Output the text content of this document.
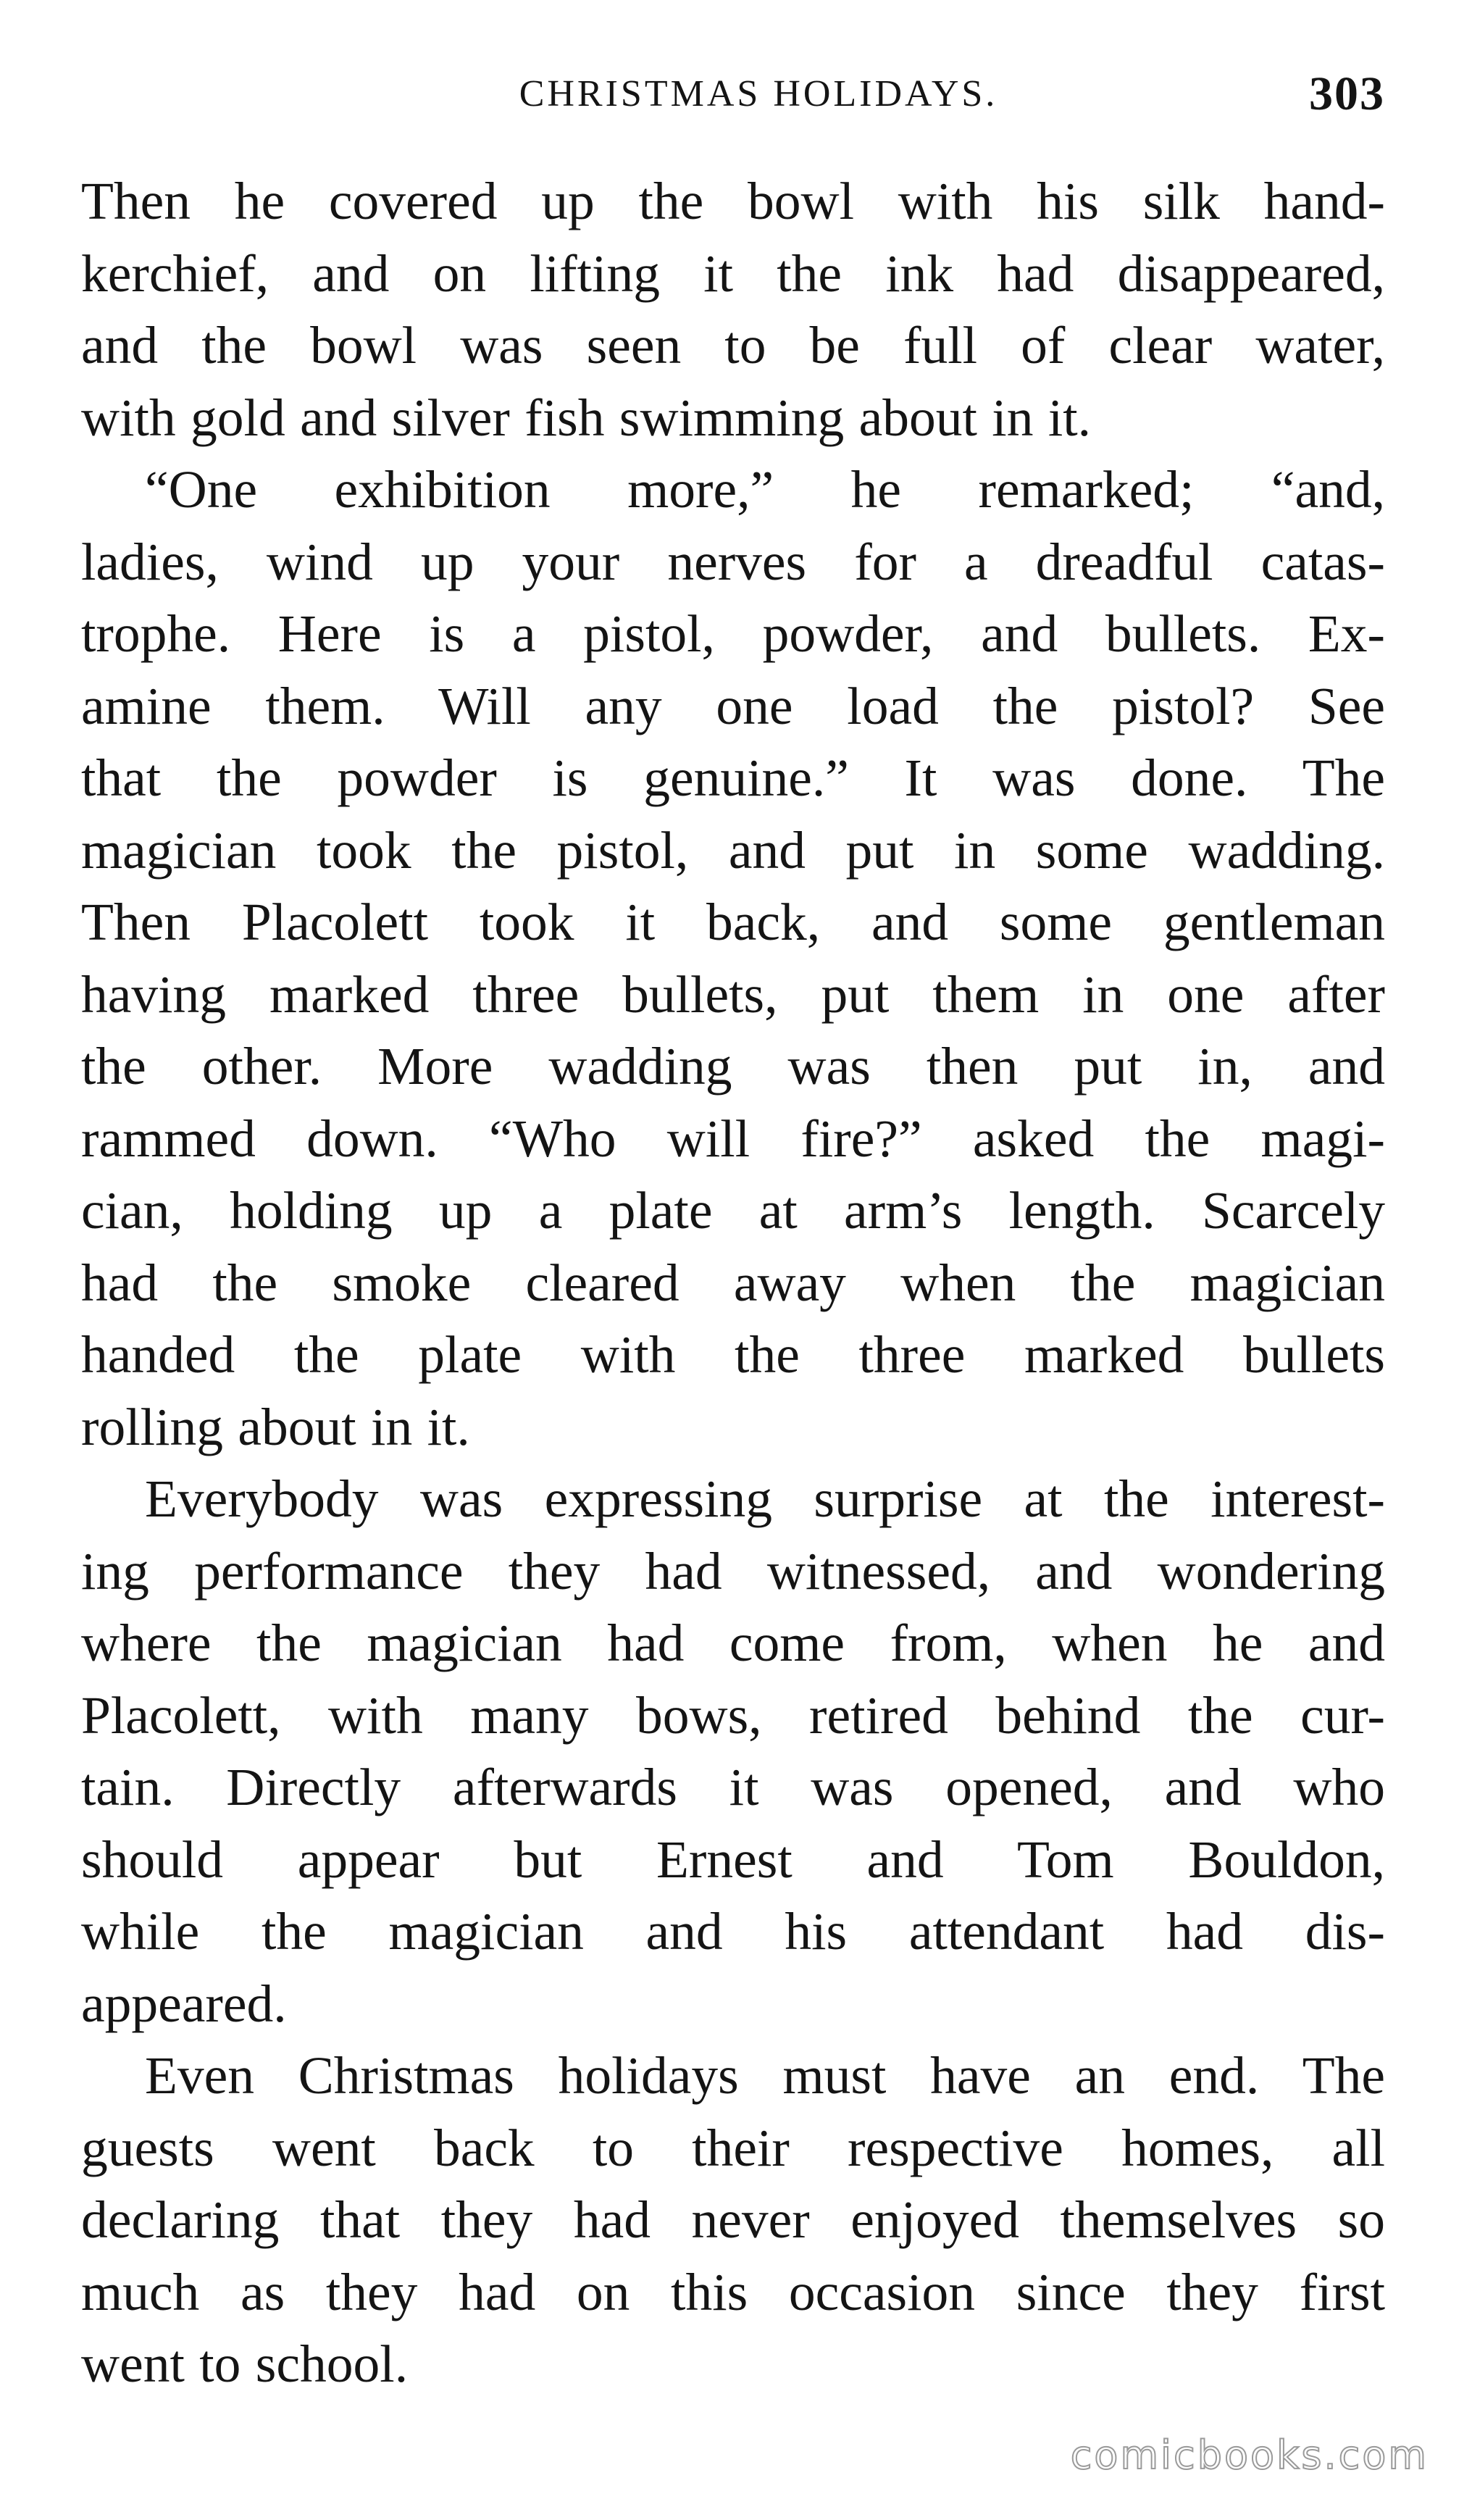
CHRISTMAS HOLIDAYS.	303
Then he covered up the bowl with his silk hand-
kerchief, and on lifting it the ink had disappeared,
and the bowl was seen to be full of clear water,
with gold and silver fish swimming about in it.
“One exhibition more,” he remarked; “and,
ladies, wind up your nerves for a dreadful catas-
trophe. Here is a pistol, powder, and bullets. Ex-
amine them. Will any one load the pistol? See
that the powder is genuine.” It was done. The
magician took the pistol, and put in some wadding.
Then Placolett took it back, and some gentleman
having marked three bullets, put them in one after
the other. More wadding was then put in, and
rammed down. “Who will fire?” asked the magi-
cian, holding up a plate at arm’s length. Scarcely
had the smoke cleared away when the magician
handed the plate with the three marked bullets
rolling about in it.
Everybody was expressing surprise at the interest-
ing performance they had witnessed, and wondering
where the magician had come from, when he and
Placolett, with many bows, retired behind the cur-
tain. Directly afterwards it was opened, and who
should appear but Ernest and Tom Bouldon,
while the magician and his attendant had dis-
appeared.
Even Christmas holidays must have an end. The
guests went back to their respective homes, all
declaring that they had never enjoyed themselves so
much as they had on this occasion since they first
went to school.
comicbooks.com
